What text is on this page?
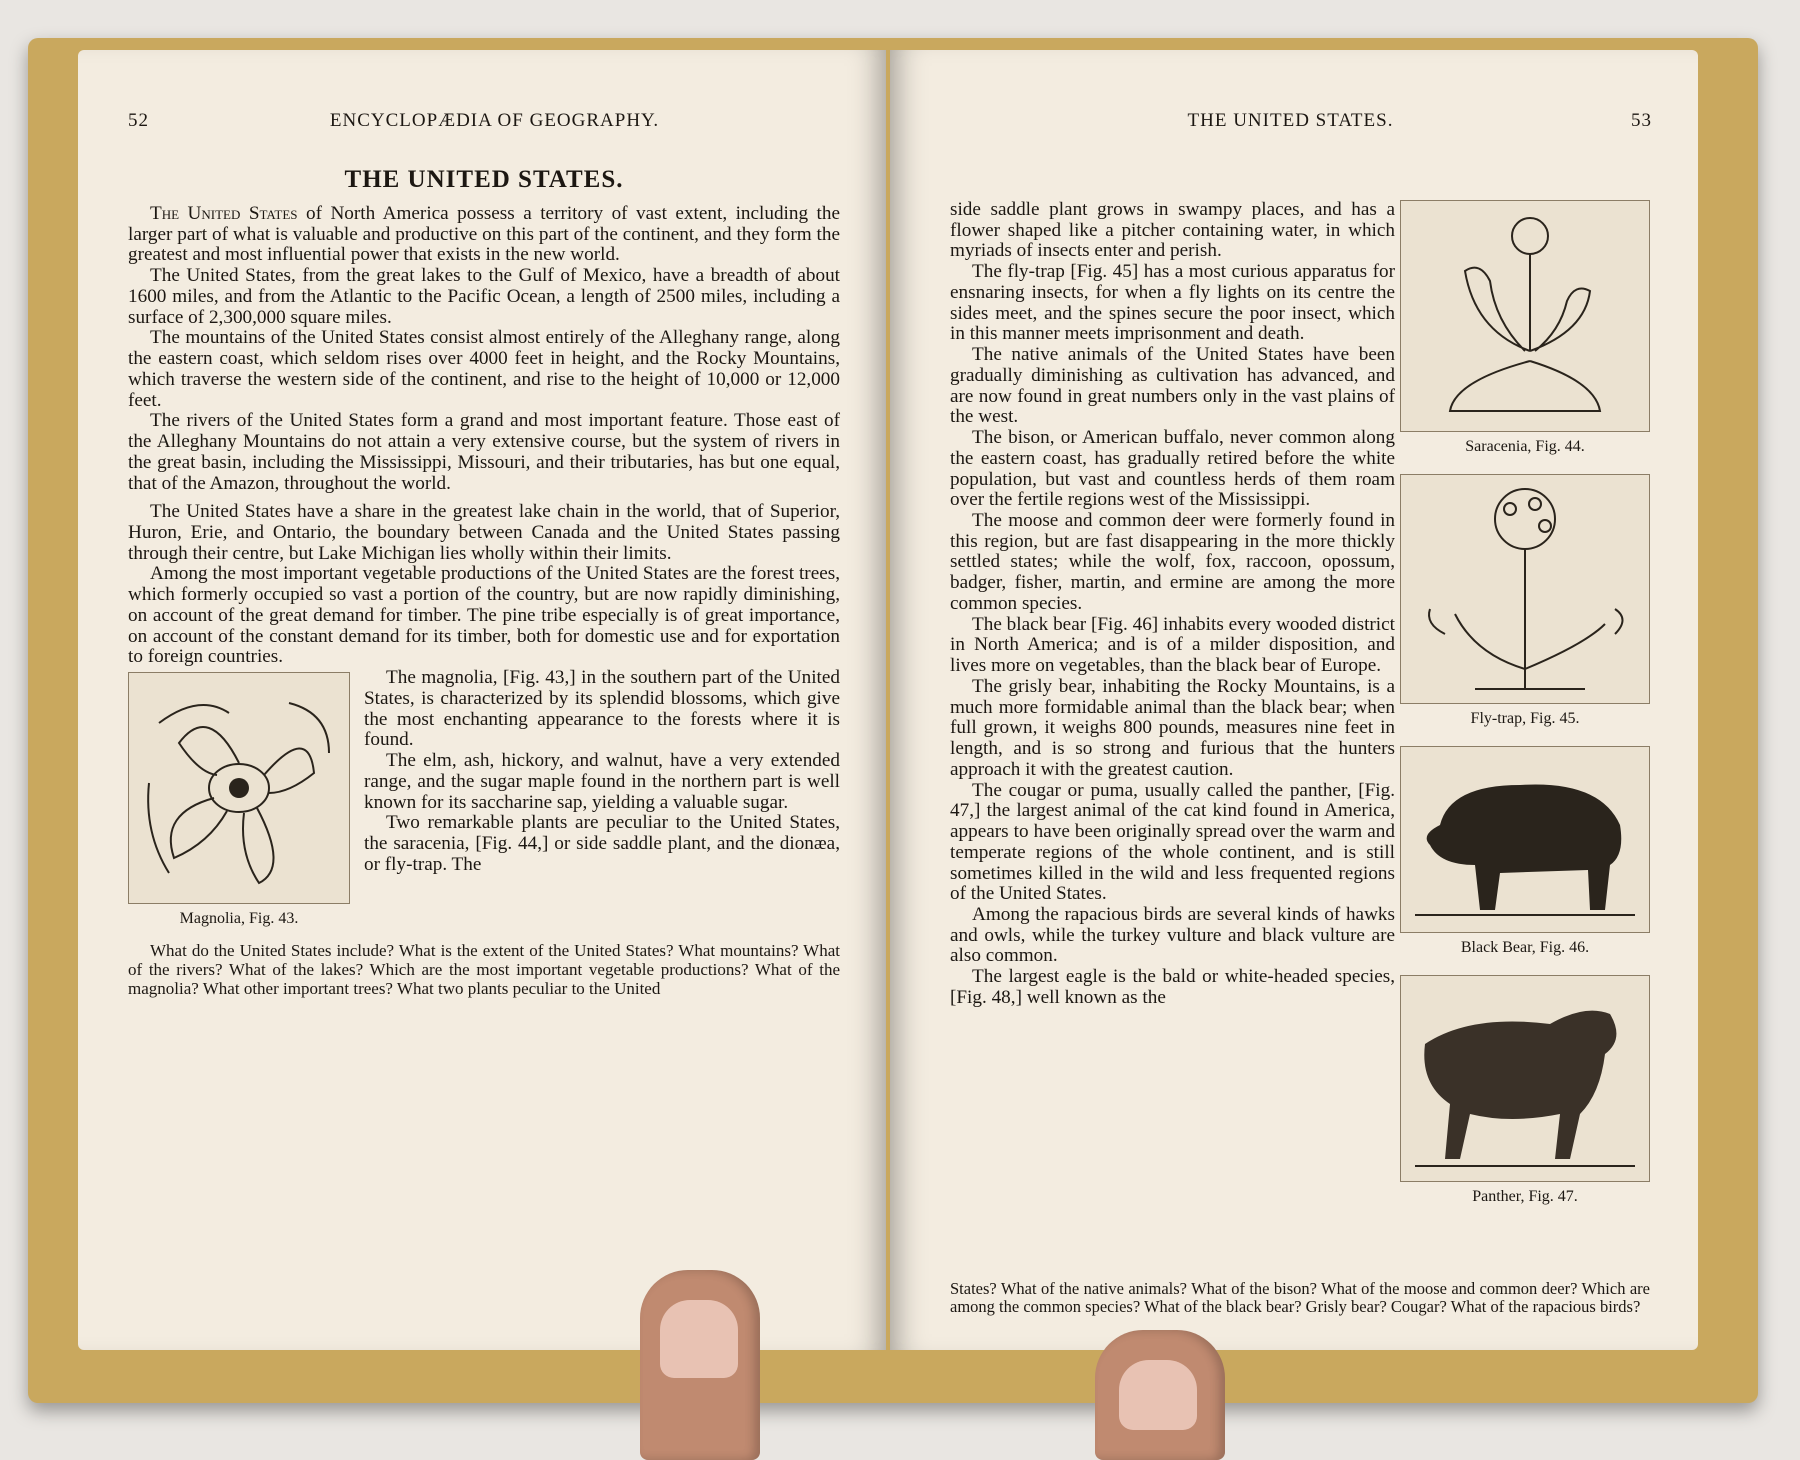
52	ENCYCLOPÆDIA OF GEOGRAPHY.
THE UNITED STATES.

The United States of North America possess a territory of vast extent, including the larger part of what is valuable and productive on this part of the continent, and they form the greatest and most influential power that exists in the new world.

The United States, from the great lakes to the Gulf of Mexico, have a breadth of about 1600 miles, and from the Atlantic to the Pacific Ocean, a length of 2500 miles, including a surface of 2,300,000 square miles.

The mountains of the United States consist almost entirely of the Alleghany range, along the eastern coast, which seldom rises over 4000 feet in height, and the Rocky Mountains, which traverse the western side of the continent, and rise to the height of 10,000 or 12,000 feet.

The rivers of the United States form a grand and most important feature. Those east of the Alleghany Mountains do not attain a very extensive course, but the system of rivers in the great basin, including the Mississippi, Missouri, and their tributaries, has but one equal, that of the Amazon, throughout the world.

The United States have a share in the greatest lake chain in the world, that of Superior, Huron, Erie, and Ontario, the boundary between Canada and the United States passing through their centre, but Lake Michigan lies wholly within their limits.

Among the most important vegetable productions of the United States are the forest trees, which formerly occupied so vast a portion of the country, but are now rapidly diminishing, on account of the great demand for timber. The pine tribe especially is of great importance, on account of the constant demand for its timber, both for domestic use and for exportation to foreign countries.

Magnolia, Fig. 43.

The magnolia, [Fig. 43,] in the southern part of the United States, is characterized by its splendid blossoms, which give the most enchanting appearance to the forests where it is found.

The elm, ash, hickory, and walnut, have a very extended range, and the sugar maple found in the northern part is well known for its saccharine sap, yielding a valuable sugar.

Two remarkable plants are peculiar to the United States, the saracenia, [Fig. 44,] or side saddle plant, and the dionæa, or fly-trap. The

What do the United States include? What is the extent of the United States? What mountains? What of the rivers? What of the lakes? Which are the most important vegetable productions? What of the magnolia? What other important trees? What two plants peculiar to the United
THE UNITED STATES.	53

side saddle plant grows in swampy places, and has a flower shaped like a pitcher containing water, in which myriads of insects enter and perish.

The fly-trap [Fig. 45] has a most curious apparatus for ensnaring insects, for when a fly lights on its centre the sides meet, and the spines secure the poor insect, which in this manner meets imprisonment and death.

The native animals of the United States have been gradually diminishing as cultivation has advanced, and are now found in great numbers only in the vast plains of the west.

The bison, or American buffalo, never common along the eastern coast, has gradually retired before the white population, but vast and countless herds of them roam over the fertile regions west of the Mississippi.

The moose and common deer were formerly found in this region, but are fast disappearing in the more thickly settled states; while the wolf, fox, raccoon, opossum, badger, fisher, martin, and ermine are among the more common species.

The black bear [Fig. 46] inhabits every wooded district in North America; and is of a milder disposition, and lives more on vegetables, than the black bear of Europe.

The grisly bear, inhabiting the Rocky Mountains, is a much more formidable animal than the black bear; when full grown, it weighs 800 pounds, measures nine feet in length, and is so strong and furious that the hunters approach it with the greatest caution.

The cougar or puma, usually called the panther, [Fig. 47,] the largest animal of the cat kind found in America, appears to have been originally spread over the warm and temperate regions of the whole continent, and is still sometimes killed in the wild and less frequented regions of the United States.

Among the rapacious birds are several kinds of hawks and owls, while the turkey vulture and black vulture are also common.

The largest eagle is the bald or white-headed species, [Fig. 48,] well known as the

Saracenia, Fig. 44.
Fly-trap, Fig. 45.
Black Bear, Fig. 46.
Panther, Fig. 47.
States? What of the native animals? What of the bison? What of the moose and common deer? Which are among the common species? What of the black bear? Grisly bear? Cougar? What of the rapacious birds?
